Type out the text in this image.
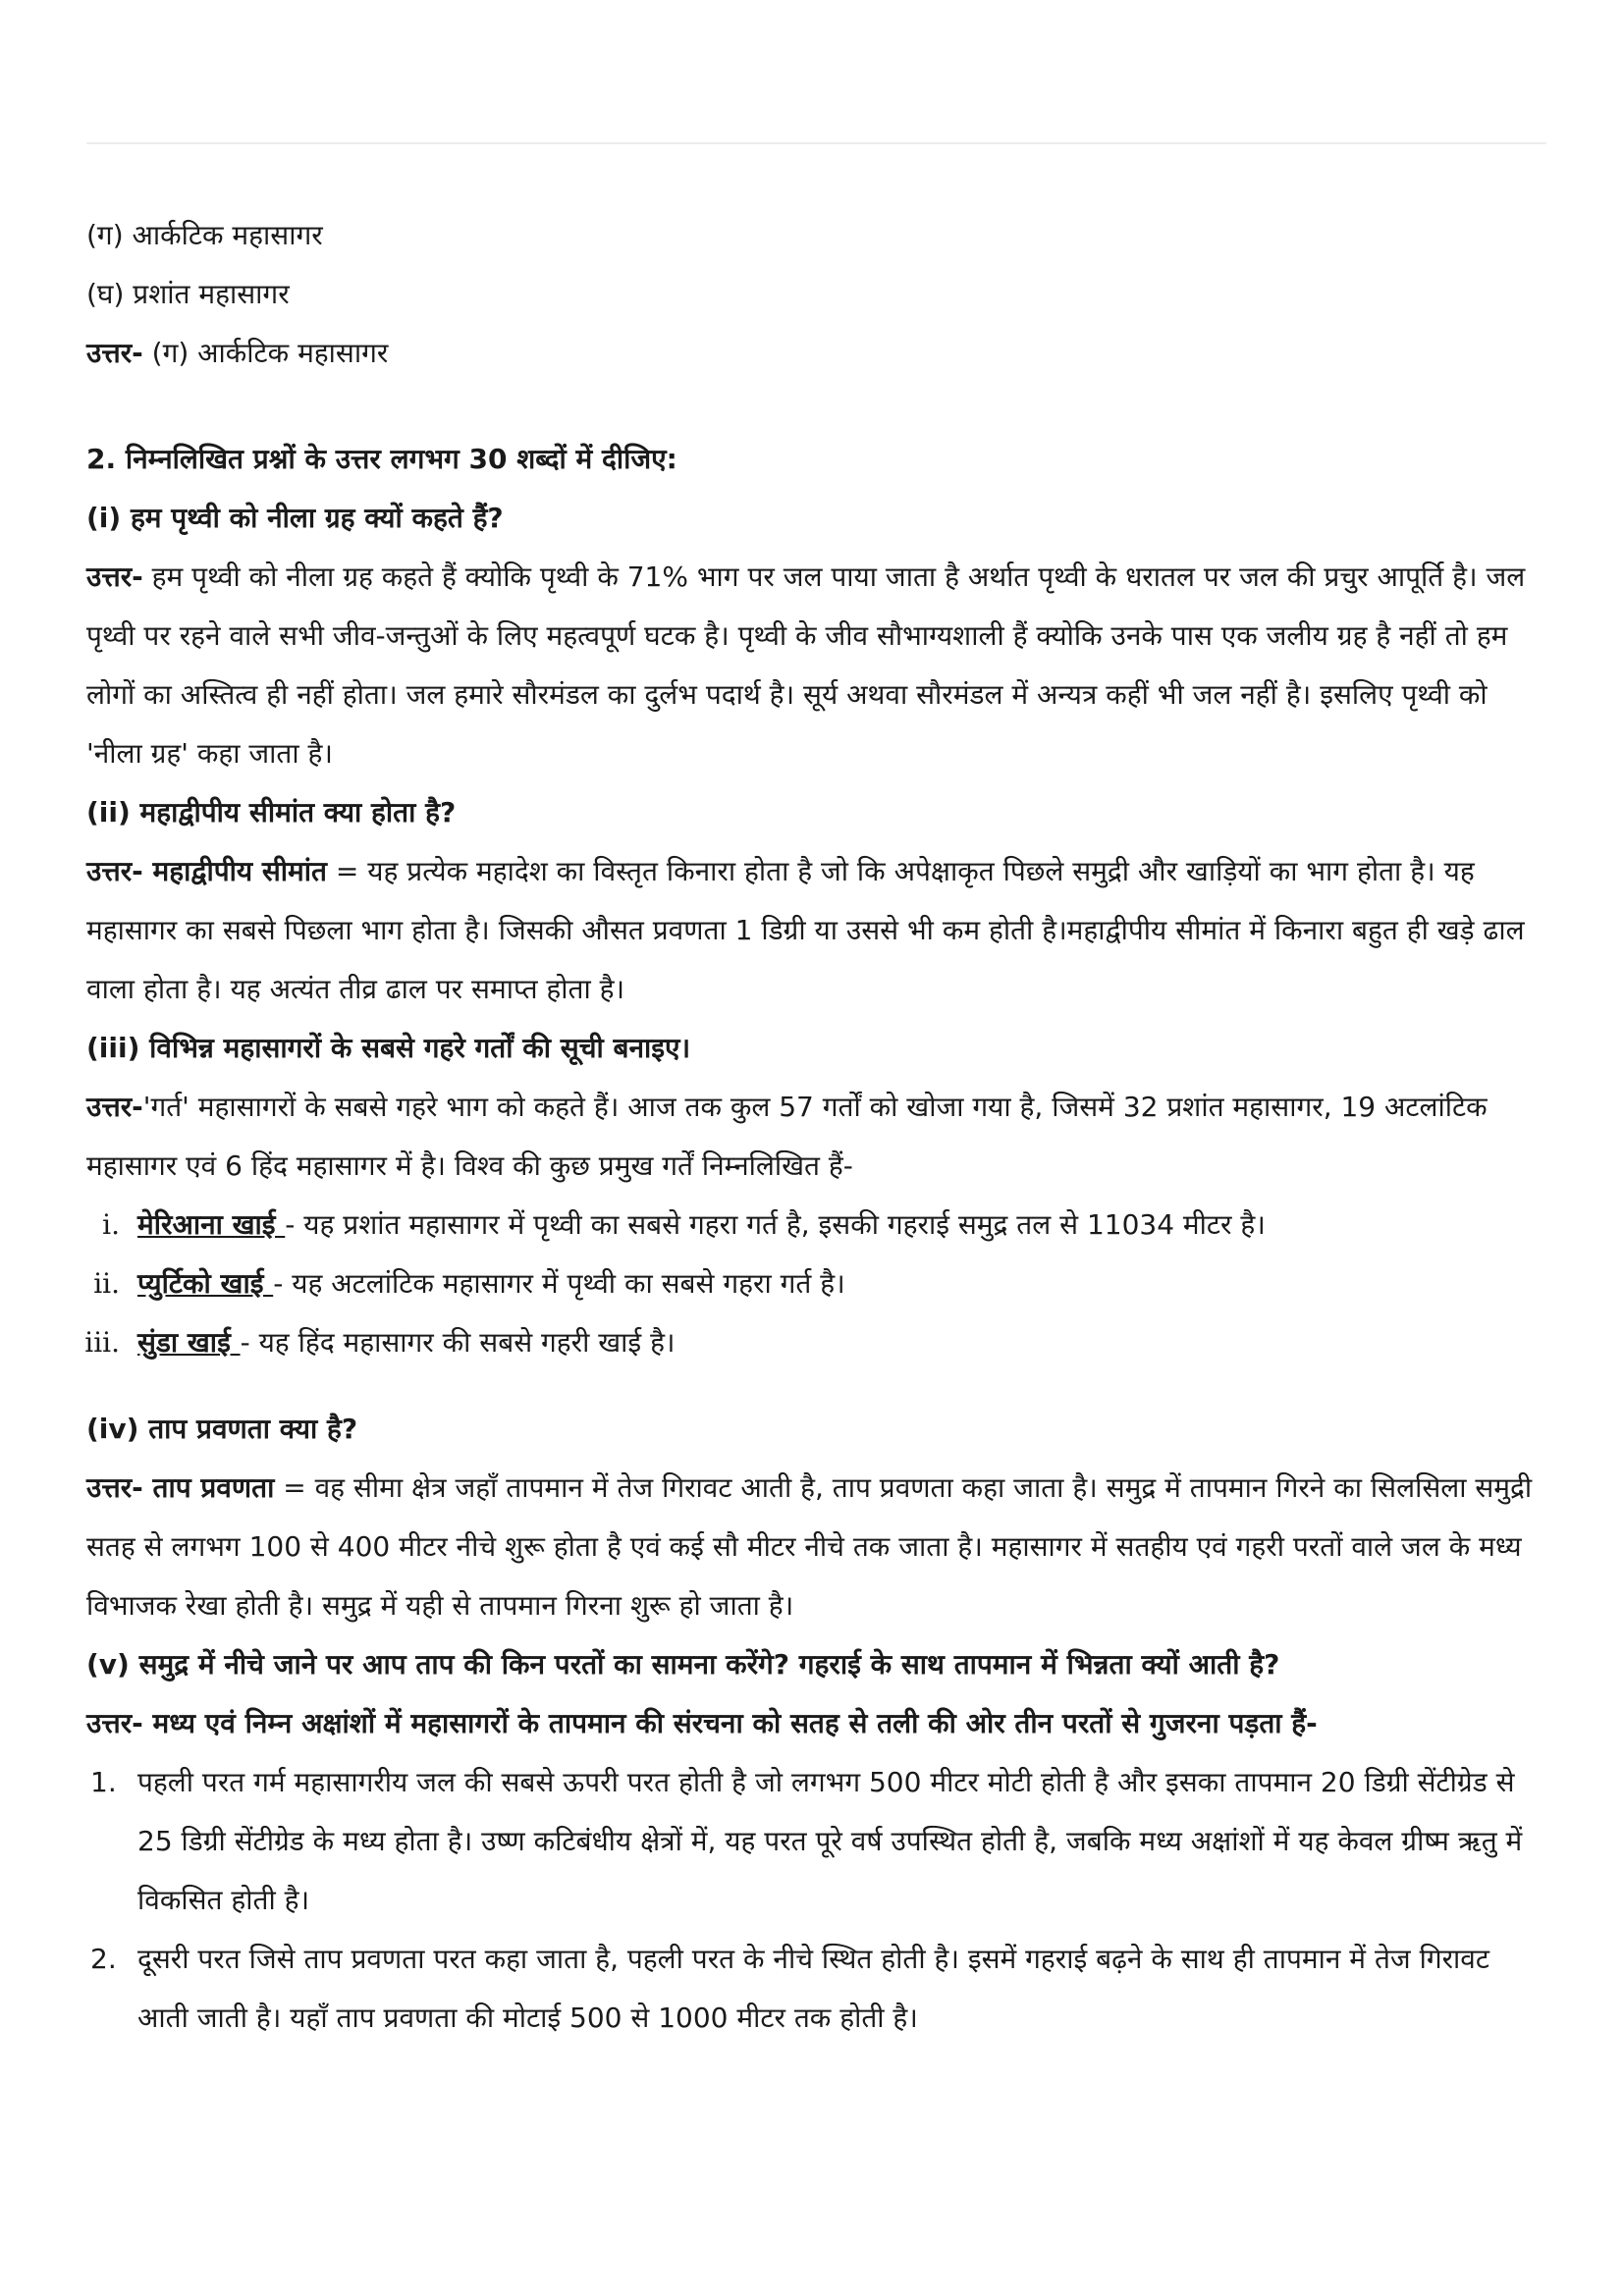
(ग) आर्कटिक महासागर

(घ) प्रशांत महासागर

उत्तर- (ग) आर्कटिक महासागर

2. निम्नलिखित प्रश्नों के उत्तर लगभग 30 शब्दों में दीजिए:

(i) हम पृथ्वी को नीला ग्रह क्यों कहते हैं?

उत्तर- हम पृथ्वी को नीला ग्रह कहते हैं क्योकि पृथ्वी के 71% भाग पर जल पाया जाता है अर्थात पृथ्वी के धरातल पर जल की प्रचुर आपूर्ति है। जल पृथ्वी पर रहने वाले सभी जीव-जन्तुओं के लिए महत्वपूर्ण घटक है। पृथ्वी के जीव सौभाग्यशाली हैं क्योकि उनके पास एक जलीय ग्रह है नहीं तो हम लोगों का अस्तित्व ही नहीं होता। जल हमारे सौरमंडल का दुर्लभ पदार्थ है। सूर्य अथवा सौरमंडल में अन्यत्र कहीं भी जल नहीं है। इसलिए पृथ्वी को 'नीला ग्रह' कहा जाता है।

(ii) महाद्वीपीय सीमांत क्या होता है?

उत्तर- महाद्वीपीय सीमांत = यह प्रत्येक महादेश का विस्तृत किनारा होता है जो कि अपेक्षाकृत पिछले समुद्री और खाड़ियों का भाग होता है। यह महासागर का सबसे पिछला भाग होता है। जिसकी औसत प्रवणता 1 डिग्री या उससे भी कम होती है।महाद्वीपीय सीमांत में किनारा बहुत ही खड़े ढाल वाला होता है। यह अत्यंत तीव्र ढाल पर समाप्त होता है।

(iii) विभिन्न महासागरों के सबसे गहरे गर्तों की सूची बनाइए।

उत्तर-'गर्त' महासागरों के सबसे गहरे भाग को कहते हैं। आज तक कुल 57 गर्तों को खोजा गया है, जिसमें 32 प्रशांत महासागर, 19 अटलांटिक महासागर एवं 6 हिंद महासागर में है। विश्व की कुछ प्रमुख गर्तें निम्नलिखित हैं-

i. मेरिआना खाई - यह प्रशांत महासागर में पृथ्वी का सबसे गहरा गर्त है, इसकी गहराई समुद्र तल से 11034 मीटर है।
ii. प्युर्टिको खाई - यह अटलांटिक महासागर में पृथ्वी का सबसे गहरा गर्त है।
iii. सुंडा खाई - यह हिंद महासागर की सबसे गहरी खाई है।

(iv) ताप प्रवणता क्या है?

उत्तर- ताप प्रवणता = वह सीमा क्षेत्र जहाँ तापमान में तेज गिरावट आती है, ताप प्रवणता कहा जाता है। समुद्र में तापमान गिरने का सिलसिला समुद्री सतह से लगभग 100 से 400 मीटर नीचे शुरू होता है एवं कई सौ मीटर नीचे तक जाता है। महासागर में सतहीय एवं गहरी परतों वाले जल के मध्य विभाजक रेखा होती है। समुद्र में यही से तापमान गिरना शुरू हो जाता है।

(v) समुद्र में नीचे जाने पर आप ताप की किन परतों का सामना करेंगे? गहराई के साथ तापमान में भिन्नता क्यों आती है?

उत्तर- मध्य एवं निम्न अक्षांशों में महासागरों के तापमान की संरचना को सतह से तली की ओर तीन परतों से गुजरना पड़ता हैं-

1. पहली परत गर्म महासागरीय जल की सबसे ऊपरी परत होती है जो लगभग 500 मीटर मोटी होती है और इसका तापमान 20 डिग्री सेंटीग्रेड से 25 डिग्री सेंटीग्रेड के मध्य होता है। उष्ण कटिबंधीय क्षेत्रों में, यह परत पूरे वर्ष उपस्थित होती है, जबकि मध्य अक्षांशों में यह केवल ग्रीष्म ऋतु में विकसित होती है।
2. दूसरी परत जिसे ताप प्रवणता परत कहा जाता है, पहली परत के नीचे स्थित होती है। इसमें गहराई बढ़ने के साथ ही तापमान में तेज गिरावट आती जाती है। यहाँ ताप प्रवणता की मोटाई 500 से 1000 मीटर तक होती है।
